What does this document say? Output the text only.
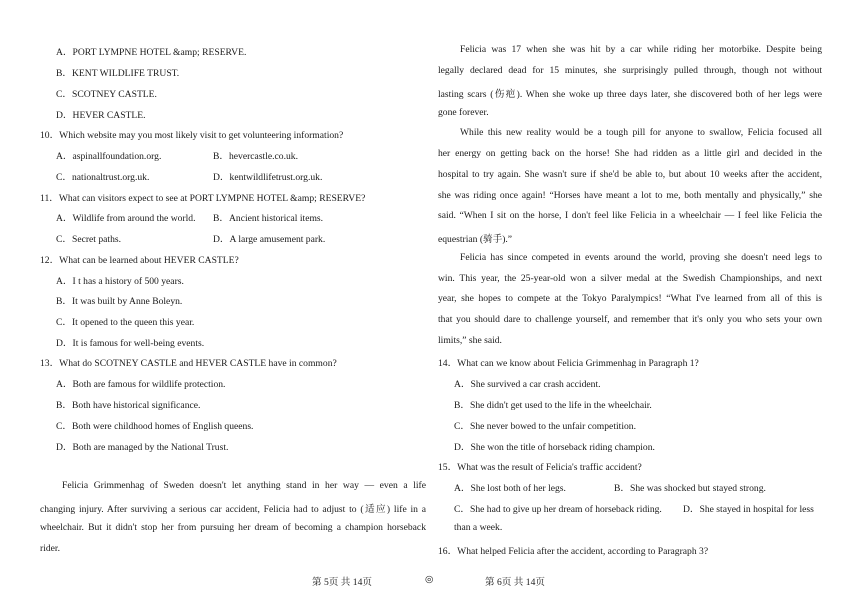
A．PORT LYMPNE HOTEL &amp; RESERVE.
B．KENT WILDLIFE TRUST.
C．SCOTNEY CASTLE.
D．HEVER CASTLE.
10．Which website may you most likely visit to get volunteering information?
A．aspinallfoundation.org.	B．hevercastle.co.uk.
C．nationaltrust.org.uk.	D．kentwildlifetrust.org.uk.
11．What can visitors expect to see at PORT LYMPNE HOTEL &amp; RESERVE?
A．Wildlife from around the world. B．Ancient historical items.
C．Secret paths.	D．A large amusement park.
12．What can be learned about HEVER CASTLE?
A．I t has a history of 500 years.
B．It was built by Anne Boleyn.
C．It opened to the queen this year.
D．It is famous for well-being events.
13．What do SCOTNEY CASTLE and HEVER CASTLE have in common?
A．Both are famous for wildlife protection.
B．Both have historical significance.
C．Both were childhood homes of English queens.
D．Both are managed by the National Trust.
Felicia Grimmenhag of Sweden doesn't let anything stand in her way — even a life
changing injury. After surviving a serious car accident, Felicia had to adjust to (适应) life in a
wheelchair. But it didn't stop her from pursuing her dream of becoming a champion horseback
rider.
Felicia was 17 when she was hit by a car while riding her motorbike. Despite being
legally declared dead for 15 minutes, she surprisingly pulled through, though not without
lasting scars (伤疤). When she woke up three days later, she discovered both of her legs were
gone forever.
While this new reality would be a tough pill for anyone to swallow, Felicia focused all
her energy on getting back on the horse! She had ridden as a little girl and decided in the
hospital to try again. She wasn't sure if she'd be able to, but about 10 weeks after the accident,
she was riding once again! “Horses have meant a lot to me, both mentally and physically,” she
said. “When I sit on the horse, I don't feel like Felicia in a wheelchair — I feel like Felicia the
equestrian (骑手).”
Felicia has since competed in events around the world, proving she doesn't need legs to
win. This year, the 25-year-old won a silver medal at the Swedish Championships, and next
year, she hopes to compete at the Tokyo Paralympics! “What I've learned from all of this is
that you should dare to challenge yourself, and remember that it's only you who sets your own
limits,” she said.
14．What can we know about Felicia Grimmenhag in Paragraph 1?
A．She survived a car crash accident.
B．She didn't get used to the life in the wheelchair.
C．She never bowed to the unfair competition.
D．She won the title of horseback riding champion.
15．What was the result of Felicia's traffic accident?
A．She lost both of her legs.	B．She was shocked but stayed strong.
C．She had to give up her dream of horseback riding. D．She stayed in hospital for less
than a week.
16．What helped Felicia after the accident, according to Paragraph 3?
第 5页 共 14页	◎	第 6页 共 14页
